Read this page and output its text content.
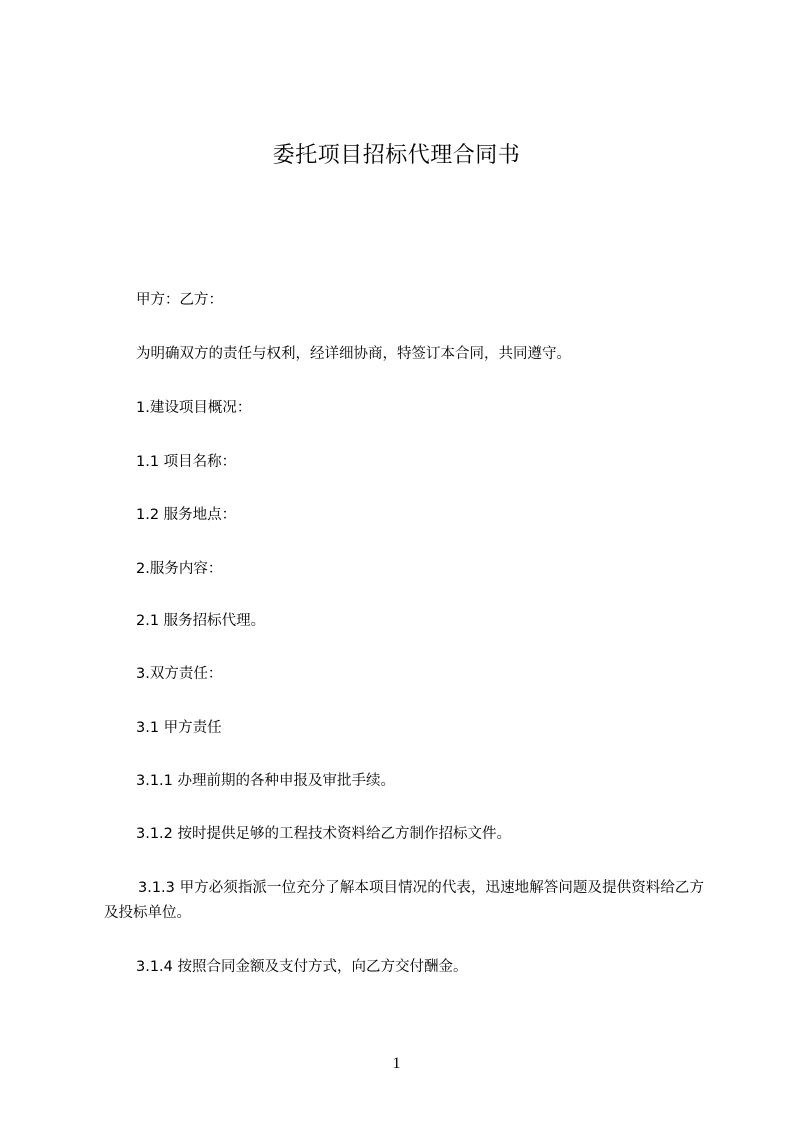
委托项目招标代理合同书
甲方：乙方：
为明确双方的责任与权利，经详细协商，特签订本合同，共同遵守。
1.建设项目概况：
1.1 项目名称：
1.2 服务地点：
2.服务内容：
2.1 服务招标代理。
3.双方责任：
3.1 甲方责任
3.1.1 办理前期的各种申报及审批手续。
3.1.2 按时提供足够的工程技术资料给乙方制作招标文件。
3.1.3 甲方必须指派一位充分了解本项目情况的代表，迅速地解答问题及提供资料给乙方及投标单位。
3.1.4 按照合同金额及支付方式，向乙方交付酬金。
1
